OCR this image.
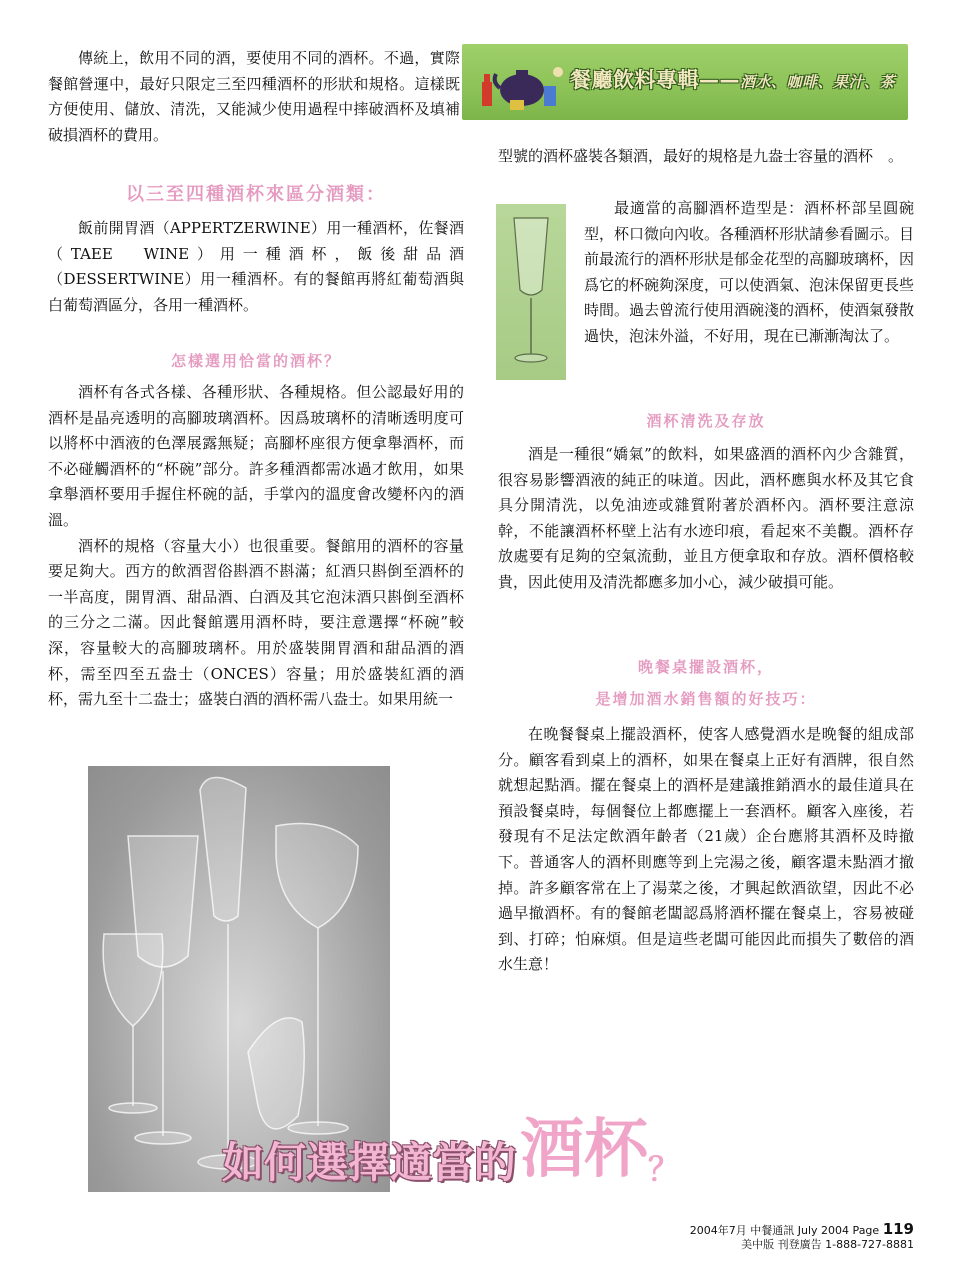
餐廳飲料專輯——酒水、咖啡、果汁、茶

傳統上，飲用不同的酒，要使用不同的酒杯。不過，實際餐館營運中，最好只限定三至四種酒杯的形狀和規格。這樣既方便使用、儲放、清洗，又能減少使用過程中摔破酒杯及填補破損酒杯的費用。

以三至四種酒杯來區分酒類：

飯前開胃酒（APPERTZERWINE）用一種酒杯，佐餐酒（TAEE　WINE）用一種酒杯，飯後甜品酒（DESSERTWINE）用一種酒杯。有的餐館再將紅葡萄酒與白葡萄酒區分，各用一種酒杯。

怎樣選用恰當的酒杯？

酒杯有各式各樣、各種形狀、各種規格。但公認最好用的酒杯是晶亮透明的高腳玻璃酒杯。因爲玻璃杯的清晰透明度可以將杯中酒液的色澤展露無疑；高腳杯座很方便拿舉酒杯，而不必碰觸酒杯的“杯碗”部分。許多種酒都需冰過才飲用，如果拿舉酒杯要用手握住杯碗的話，手掌內的溫度會改變杯內的酒溫。

酒杯的規格（容量大小）也很重要。餐館用的酒杯的容量要足夠大。西方的飲酒習俗斟酒不斟滿；紅酒只斟倒至酒杯的一半高度，開胃酒、甜品酒、白酒及其它泡沫酒只斟倒至酒杯的三分之二滿。因此餐館選用酒杯時，要注意選擇“杯碗”較深，容量較大的高腳玻璃杯。用於盛裝開胃酒和甜品酒的酒杯，需至四至五盎士（ONCES）容量；用於盛裝紅酒的酒杯，需九至十二盎士；盛裝白酒的酒杯需八盎士。如果用統一

型號的酒杯盛裝各類酒，最好的規格是九盎士容量的酒杯　。

最適當的高腳酒杯造型是：酒杯杯部呈圓碗型，杯口微向內收。各種酒杯形狀請參看圖示。目前最流行的酒杯形狀是郁金花型的高腳玻璃杯，因爲它的杯碗夠深度，可以使酒氣、泡沫保留更長些時間。過去曾流行使用酒碗淺的酒杯，使酒氣發散過快，泡沫外溢，不好用，現在已漸漸淘汰了。

酒杯清洗及存放

酒是一種很“嬌氣”的飲料，如果盛酒的酒杯內少含雜質，很容易影響酒液的純正的味道。因此，酒杯應與水杯及其它食具分開清洗，以免油迹或雜質附著於酒杯內。酒杯要注意涼幹，不能讓酒杯杯壁上沾有水迹印痕，看起來不美觀。酒杯存放處要有足夠的空氣流動，並且方便拿取和存放。酒杯價格較貴，因此使用及清洗都應多加小心，減少破損可能。

晚餐桌擺設酒杯，
是增加酒水銷售額的好技巧：

在晚餐餐桌上擺設酒杯，使客人感覺酒水是晚餐的組成部分。顧客看到桌上的酒杯，如果在餐桌上正好有酒牌，很自然就想起點酒。擺在餐桌上的酒杯是建議推銷酒水的最佳道具在預設餐桌時，每個餐位上都應擺上一套酒杯。顧客入座後，若發現有不足法定飲酒年齡者（21歲）企台應將其酒杯及時撤下。普通客人的酒杯則應等到上完湯之後，顧客還未點酒才撤掉。許多顧客常在上了湯菜之後，才興起飲酒欲望，因此不必過早撤酒杯。有的餐館老闆認爲將酒杯擺在餐桌上，容易被碰到、打碎；怕麻煩。但是這些老闆可能因此而損失了數倍的酒水生意！

如何選擇適當的酒杯？
2004年7月 中餐通訊 July 2004 Page 119
美中版 刊登廣告 1-888-727-8881
